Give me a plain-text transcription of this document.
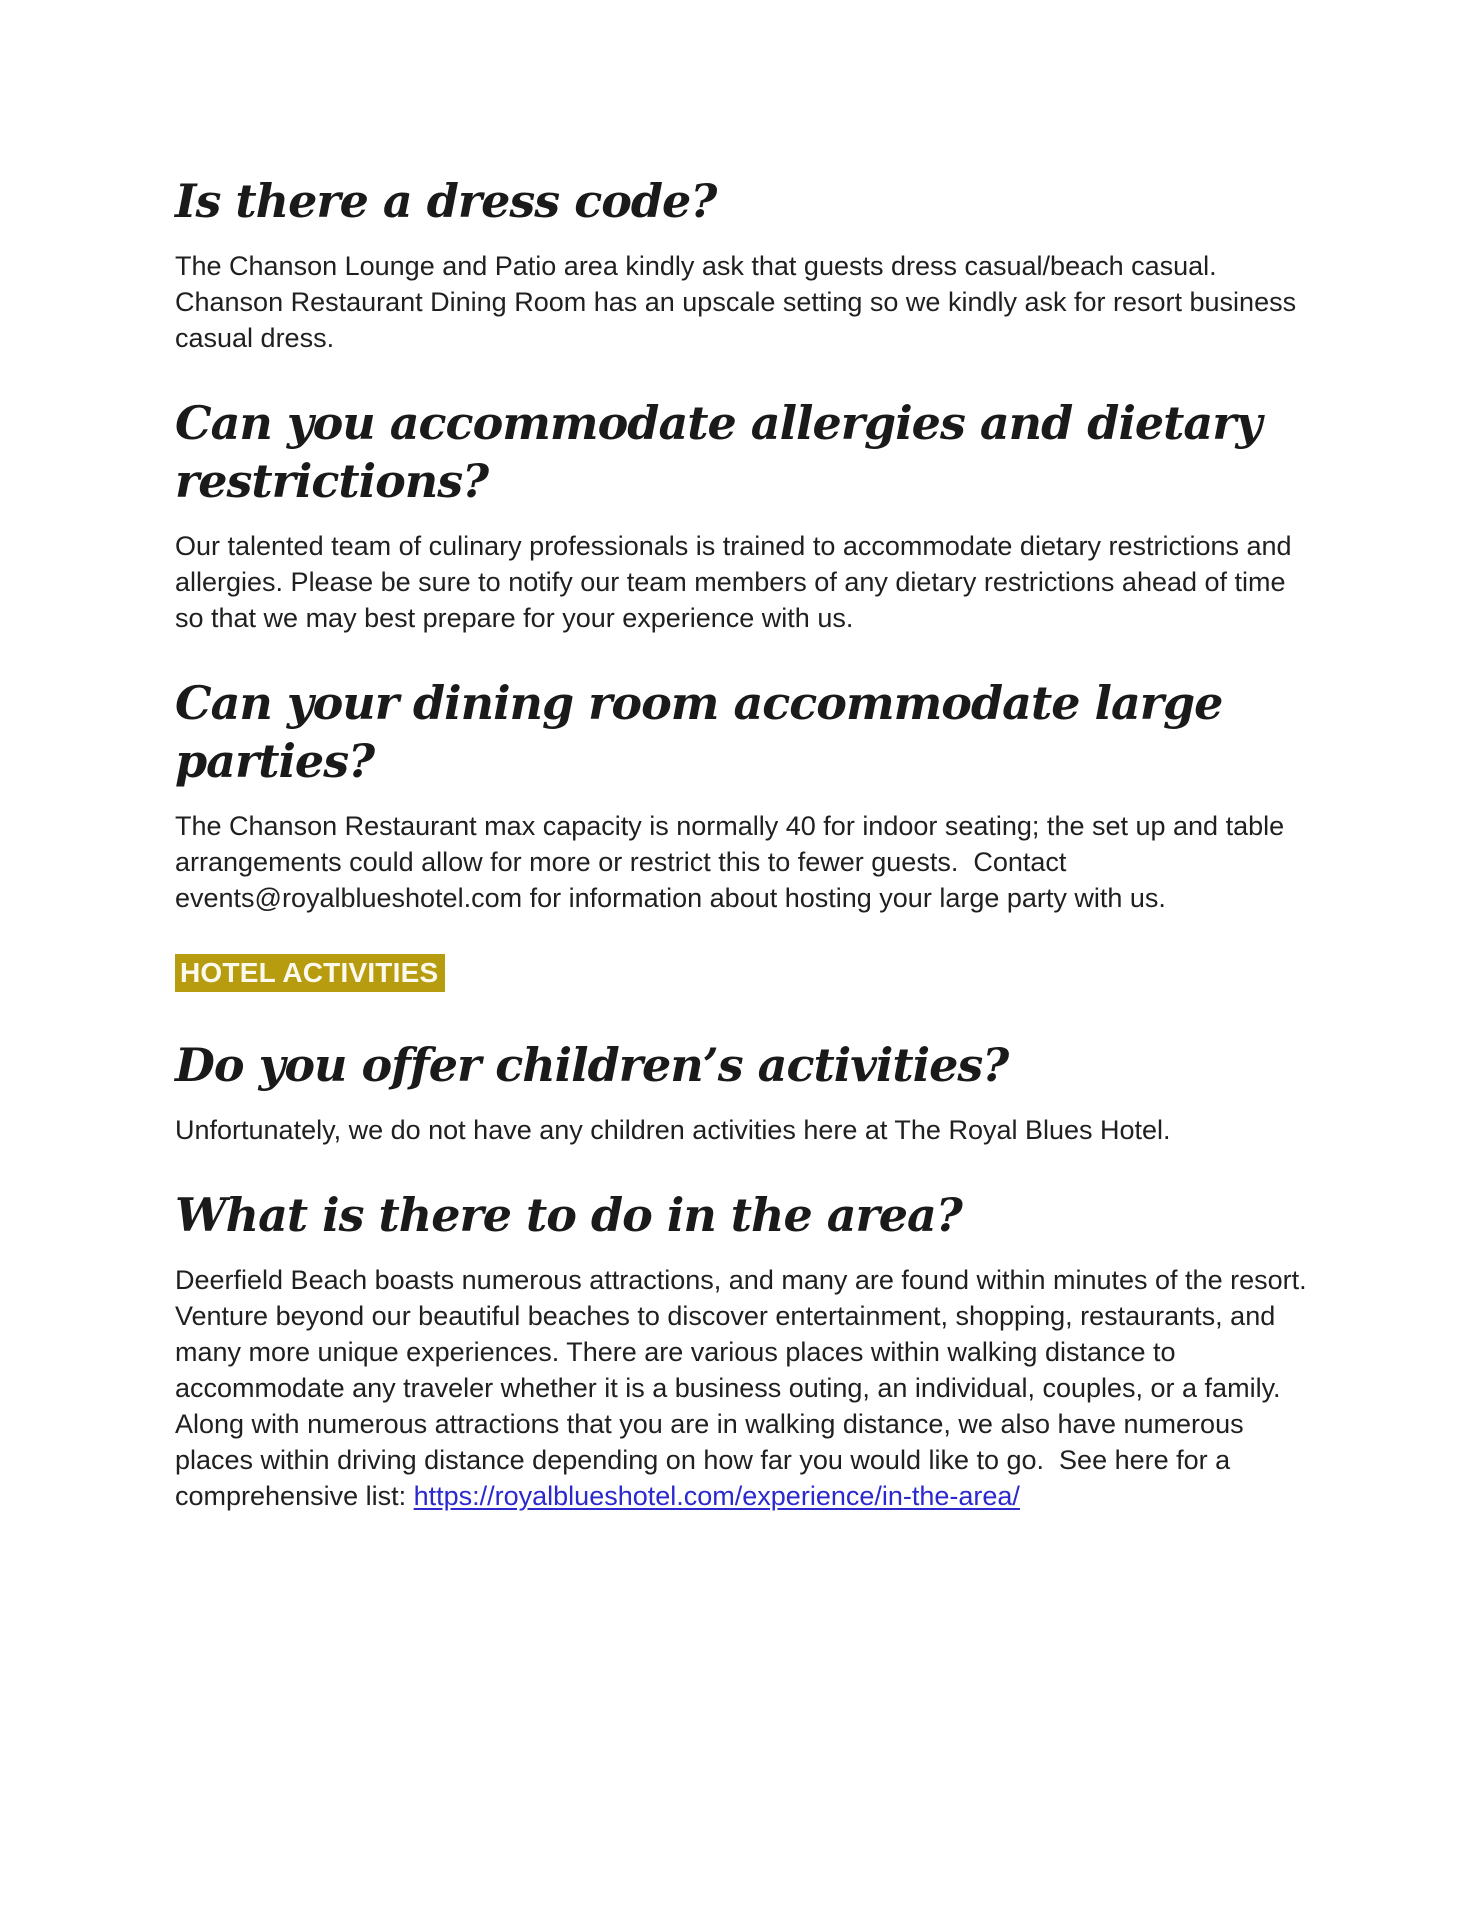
Is there a dress code?

The Chanson Lounge and Patio area kindly ask that guests dress casual/beach casual. Chanson Restaurant Dining Room has an upscale setting so we kindly ask for resort business casual dress.

Can you accommodate allergies and dietary restrictions?

Our talented team of culinary professionals is trained to accommodate dietary restrictions and allergies. Please be sure to notify our team members of any dietary restrictions ahead of time so that we may best prepare for your experience with us.

Can your dining room accommodate large parties?

The Chanson Restaurant max capacity is normally 40 for indoor seating; the set up and table arrangements could allow for more or restrict this to fewer guests.  Contact events@royalblueshotel.com for information about hosting your large party with us.

HOTEL ACTIVITIES
Do you offer children’s activities?

Unfortunately, we do not have any children activities here at The Royal Blues Hotel.

What is there to do in the area?

Deerfield Beach boasts numerous attractions, and many are found within minutes of the resort. Venture beyond our beautiful beaches to discover entertainment, shopping, restaurants, and many more unique experiences. There are various places within walking distance to accommodate any traveler whether it is a business outing, an individual, couples, or a family. Along with numerous attractions that you are in walking distance, we also have numerous places within driving distance depending on how far you would like to go.  See here for a comprehensive list: https://royalblueshotel.com/experience/in-the-area/
